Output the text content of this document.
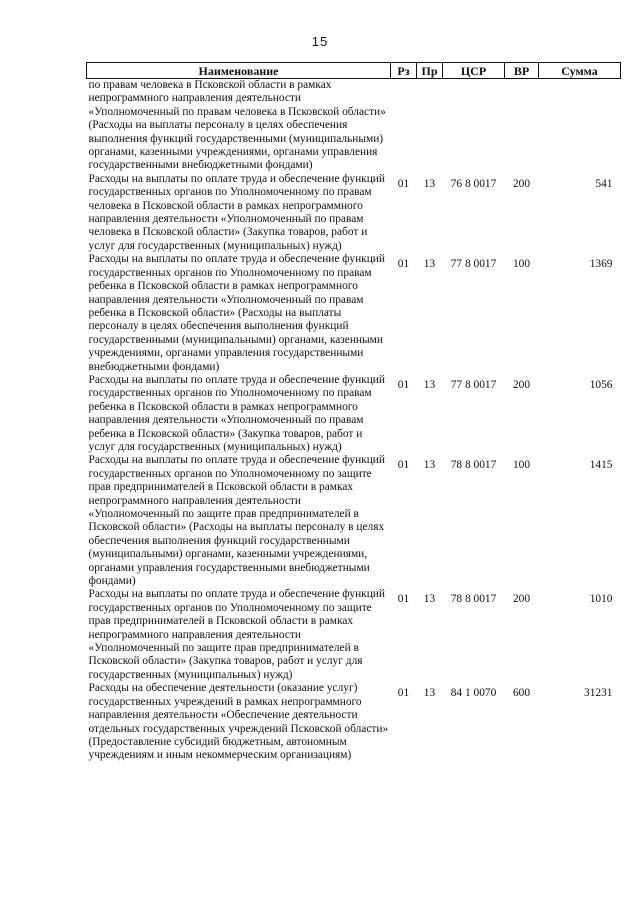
15
Наименование	Рз	Пр	ЦСР	ВР	Сумма
по правам человека в Псковской области в рамках непрограммного направления деятельности «Уполномоченный по правам человека в Псковской области» (Расходы на выплаты персоналу в целях обеспечения выполнения функций государственными (муниципальными) органами, казенными учреждениями, органами управления государственными внебюджетными фондами)					
Расходы на выплаты по оплате труда и обеспечение функций государственных органов по Уполномоченному по правам человека в Псковской области в рамках непрограммного направления деятельности «Уполномоченный по правам человека в Псковской области» (Закупка товаров, работ и услуг для государственных (муниципальных) нужд)	01	13	76 8 0017	200	541
Расходы на выплаты по оплате труда и обеспечение функций государственных органов по Уполномоченному по правам ребенка в Псковской области в рамках непрограммного направления деятельности «Уполномоченный по правам ребенка в Псковской области» (Расходы на выплаты персоналу в целях обеспечения выполнения функций государственными (муниципальными) органами, казенными учреждениями, органами управления государственными внебюджетными фондами)	01	13	77 8 0017	100	1369
Расходы на выплаты по оплате труда и обеспечение функций государственных органов по Уполномоченному по правам ребенка в Псковской области в рамках непрограммного направления деятельности «Уполномоченный по правам ребенка в Псковской области» (Закупка товаров, работ и услуг для государственных (муниципальных) нужд)	01	13	77 8 0017	200	1056
Расходы на выплаты по оплате труда и обеспечение функций государственных органов по Уполномоченному по защите прав предпринимателей в Псковской области в рамках непрограммного направления деятельности «Уполномоченный по защите прав предпринимателей в Псковской области» (Расходы на выплаты персоналу в целях обеспечения выполнения функций государственными (муниципальными) органами, казенными учреждениями, органами управления государственными внебюджетными фондами)	01	13	78 8 0017	100	1415
Расходы на выплаты по оплате труда и обеспечение функций государственных органов по Уполномоченному по защите прав предпринимателей в Псковской области в рамках непрограммного направления деятельности «Уполномоченный по защите прав предпринимателей в Псковской области» (Закупка товаров, работ и услуг для государственных (муниципальных) нужд)	01	13	78 8 0017	200	1010
Расходы на обеспечение деятельности (оказание услуг) государственных учреждений в рамках непрограммного направления деятельности «Обеспечение деятельности отдельных государственных учреждений Псковской области» (Предоставление субсидий бюджетным, автономным учреждениям и иным некоммерческим организациям)	01	13	84 1 0070	600	31231
